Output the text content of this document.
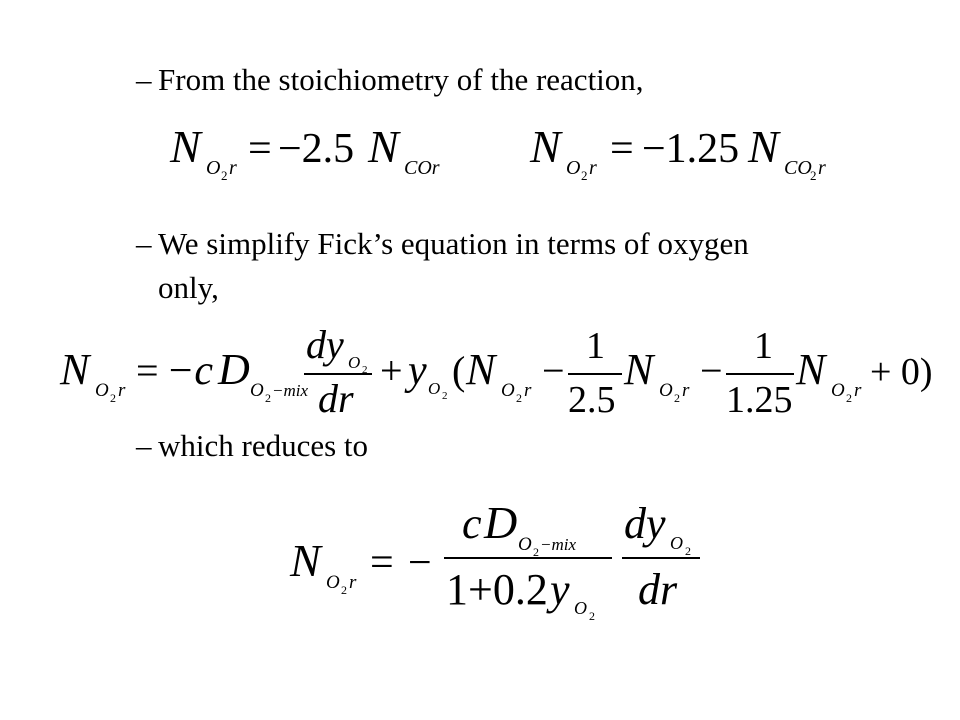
– From the stoichiometry of the reaction,
N O 2 r = −2.5 N COr N O 2 r = −1.25 N CO
2 r
– We simplify Fick’s equation in terms of oxygen
only,
N O 2 r = −c D O 2 −mix
dy O 2
dr
+ y O 2
( N O 2 r −
1
2.5
N O 2 r −
1
1.25
N O 2 r + 0)
– which reduces to
N O 2 r = −
c D O 2 −mix
1+0.2 y O 2
dy O 2
dr
